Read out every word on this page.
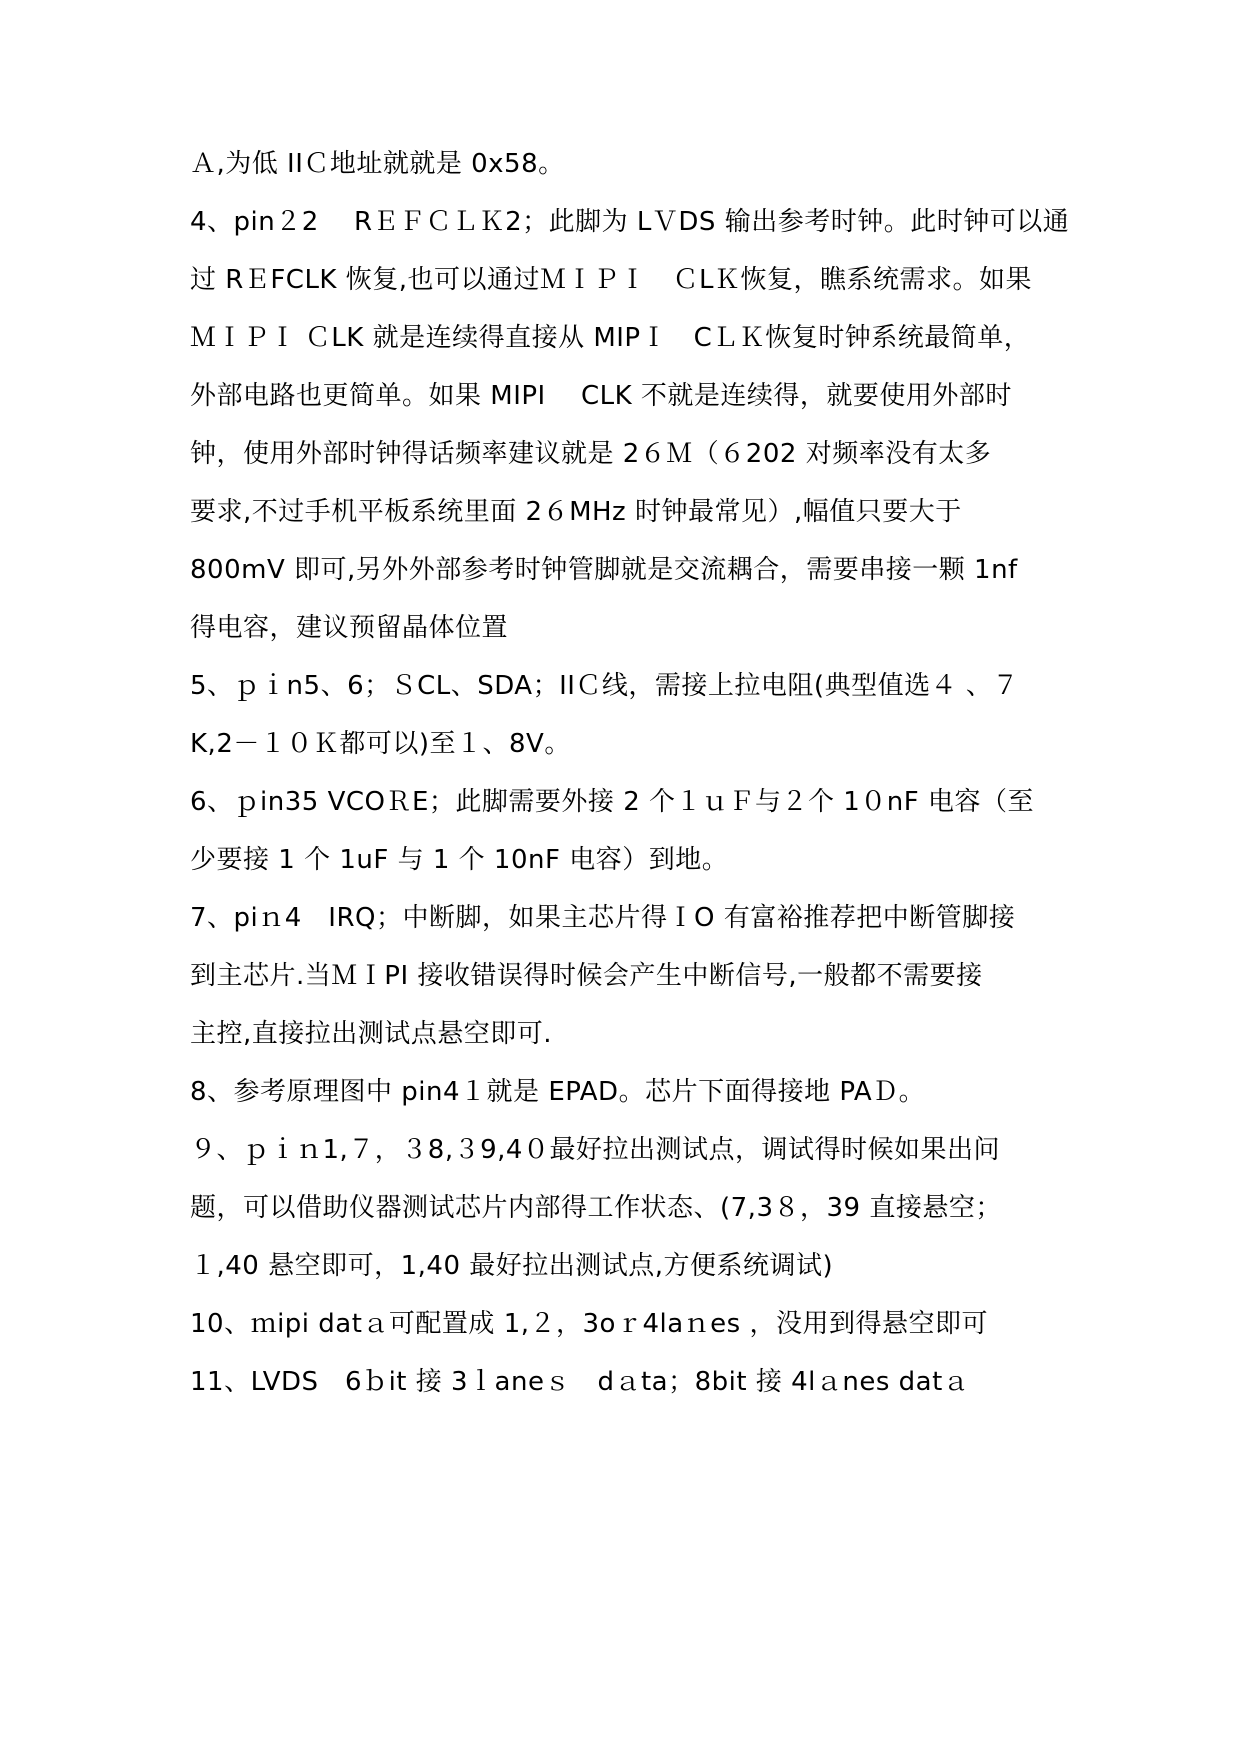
Ａ,为低 IIＣ地址就就是 0x58。
4、pin２2　 RＥＦＣＬＫ2；此脚为 LＶDS 输出参考时钟。此时钟可以通
过 RＥFCLK 恢复,也可以通过ＭＩＰＩ　ＣLＫ恢复，瞧系统需求。如果
ＭＩＰＩ ＣLK 就是连续得直接从 MIPＩ　CＬＫ恢复时钟系统最简单，
外部电路也更简单。如果 MIPI　 CLK 不就是连续得，就要使用外部时
钟，使用外部时钟得话频率建议就是 2６Ｍ（６202 对频率没有太多
要求,不过手机平板系统里面 2６MHz 时钟最常见）,幅值只要大于
800mV 即可,另外外部参考时钟管脚就是交流耦合，需要串接一颗 1nf
得电容，建议预留晶体位置
5、ｐｉn5、6；ＳCL、SDA；IIＣ线，需接上拉电阻(典型值选４ 、７
K,2－１０Ｋ都可以)至１、8V。
6、ｐin35 VCOＲE；此脚需要外接 2 个１ｕＦ与２个 1０nF 电容（至
少要接 1 个 1uF 与 1 个 10nF 电容）到地。
7、piｎ4　IRQ；中断脚，如果主芯片得ＩO 有富裕推荐把中断管脚接
到主芯片.当ＭＩPI 接收错误得时候会产生中断信号,一般都不需要接
主控,直接拉出测试点悬空即可.
8、参考原理图中 pin4１就是 EPAD。芯片下面得接地 PAＤ。
９、ｐｉｎ1,７，３8,３9,4０最好拉出测试点，调试得时候如果出问
题，可以借助仪器测试芯片内部得工作状态、(7,3８，39 直接悬空；
１,40 悬空即可，1,40 最好拉出测试点,方便系统调试)
10、ｍipi datａ可配置成 1,２，3oｒ4laｎes ，没用到得悬空即可
11、LVDS　6ｂit 接 3ｌaneｓ　dａta；8bit 接 4lａnes datａ
